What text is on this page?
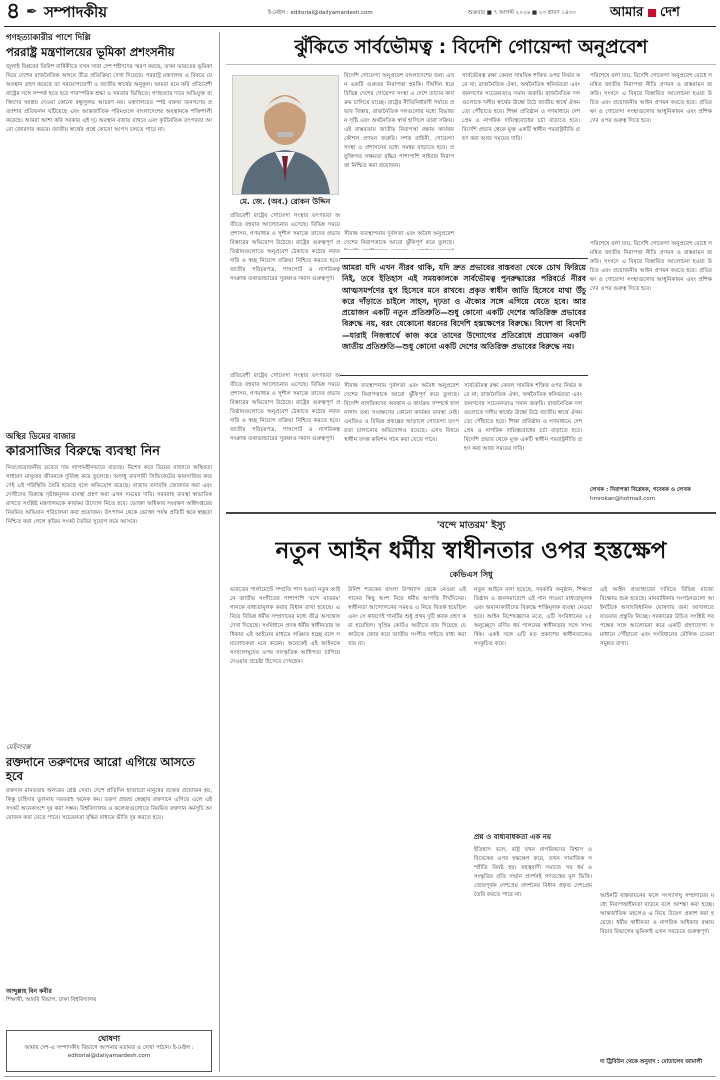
৪ ✒ সম্পাদকীয়	ই-মেইল : editorial@dailyamardesh.com	শুক্রবার ■ ৭ আগস্ট ২০২৬ ■ ২৩ শ্রাবণ ১৪৩৩	আমার দেশ
গণহত্যাকারীর পাশে দিল্লি
পররাষ্ট্র মন্ত্রণালয়ের ভূমিকা প্রশংসনীয়
জুলাই বিপ্লবের তিরিশ বার্ষিকীতে যখন সারা দেশ শহীদদের স্মরণ করছে, তখন ভারতের ভূমিকা নিয়ে দেশের রাজনৈতিক অঙ্গনে তীব্র প্রতিক্রিয়া দেখা দিয়েছে। পররাষ্ট্র মন্ত্রণালয় এ বিষয়ে যে অবস্থান গ্রহণ করেছে তা সময়োপযোগী ও জাতীয় স্বার্থের অনুকূল। আমরা মনে করি প্রতিবেশী রাষ্ট্রের সঙ্গে সম্পর্ক হতে হবে পারস্পরিক শ্রদ্ধা ও সমতার ভিত্তিতে। গণহত্যার দায়ে অভিযুক্ত ব্যক্তিদের আশ্রয় দেওয়া কোনো বন্ধুসুলভ আচরণ নয়। মন্ত্রণালয়ের স্পষ্ট বক্তব্য জনগণের প্রত্যাশার প্রতিফলন ঘটিয়েছে এবং আন্তর্জাতিক পরিমণ্ডলে বাংলাদেশের অবস্থানকে শক্তিশালী করেছে। আমরা আশা করি সরকার এই দৃঢ় অবস্থান বজায় রাখবে এবং কূটনৈতিক তৎপরতা আরো জোরদার করবে। জাতীয় স্বার্থের প্রশ্নে কোনো আপস চলতে পারে না।
অস্থির ডিমের বাজার
কারসাজির বিরুদ্ধে ব্যবস্থা নিন
নিত্যপ্রয়োজনীয় দ্রব্যের দাম লাগামহীনভাবে বাড়ছে। বিশেষ করে ডিমের বাজারে অস্থিরতা সাধারণ মানুষের জীবনকে দুর্বিষহ করে তুলেছে। অসাধু ব্যবসায়ী সিন্ডিকেটের কারসাজির কারণেই এই পরিস্থিতি তৈরি হয়েছে বলে অভিযোগ রয়েছে। বাজার তদারকি জোরদার করা এবং দোষীদের বিরুদ্ধে দৃষ্টান্তমূলক ব্যবস্থা গ্রহণ করা এখন সময়ের দাবি। সরবরাহ ব্যবস্থা স্বাভাবিক রাখতে সংশ্লিষ্ট মন্ত্রণালয়কে কার্যকর উদ্যোগ নিতে হবে। ভোক্তা অধিকার সংরক্ষণ অধিদপ্তরের নিয়মিত অভিযান পরিচালনা করা প্রয়োজন। উৎপাদন থেকে ভোক্তা পর্যন্ত প্রতিটি স্তরে স্বচ্ছতা নিশ্চিত করা গেলে কৃত্রিম সংকট তৈরির সুযোগ কমে আসবে।
মেইলবক্স
রক্তদানে তরুণদের আরো এগিয়ে আসতে হবে
রক্তদান মানবতার অন্যতম শ্রেষ্ঠ সেবা। দেশে প্রতিদিন হাজারো মানুষের রক্তের প্রয়োজন হয়, কিন্তু চাহিদার তুলনায় সরবরাহ অনেক কম। তরুণ প্রজন্ম স্বেচ্ছায় রক্তদানে এগিয়ে এলে এই সংকট অনেকাংশে দূর করা সম্ভব। বিশ্ববিদ্যালয় ও কলেজগুলোতে নিয়মিত রক্তদান কর্মসূচি আয়োজন করা যেতে পারে। সচেতনতা বৃদ্ধির মাধ্যমে ভীতি দূর করতে হবে।
আব্দুল্লাহ বিন কবীর
শিক্ষার্থী, আরবি বিভাগ, ঢাকা বিশ্ববিদ্যালয়
ঘোষণা
আমার দেশ-এ সম্পাদকীয় বিভাগে আপনার মতামত ও লেখা পাঠান। ই-মেইল : editorial@dailyamardesh.com
ঝুঁকিতে সার্বভৌমত্ব : বিদেশি গোয়েন্দা অনুপ্রবেশ
মে. জে. (অব.) রোকন উদ্দিন
বিদেশি গোয়েন্দা অনুপ্রবেশ বাংলাদেশের জন্য এখন একটি গুরুতর নিরাপত্তা হুমকি। দীর্ঘদিন ধরে বিভিন্ন দেশের গোয়েন্দা সংস্থা এ দেশে তাদের কার্যক্রম চালিয়ে যাচ্ছে। রাষ্ট্রের নীতিনির্ধারণী পর্যায়ে প্রভাব বিস্তার, রাজনৈতিক দলগুলোর মধ্যে বিভাজন সৃষ্টি এবং অর্থনৈতিক স্বার্থ হাসিলে তারা সক্রিয়। এই বাস্তবতায় জাতীয় নিরাপত্তা রক্ষায় কার্যকর কৌশল প্রণয়ন জরুরি। সশস্ত্র বাহিনী, গোয়েন্দা সংস্থা ও প্রশাসনের মধ্যে সমন্বয় বাড়াতে হবে। প্রযুক্তিগত সক্ষমতা বৃদ্ধির পাশাপাশি সাইবার নিরাপত্তা নিশ্চিত করা প্রয়োজন।
প্রতিবেশী রাষ্ট্রের গোয়েন্দা সংস্থার তৎপরতা অতীতে বহুবার আলোচনায় এসেছে। বিভিন্ন সময়ে প্রশাসন, গণমাধ্যম ও সুশীল সমাজে তাদের প্রভাব বিস্তারের অভিযোগ উঠেছে। রাষ্ট্রের গুরুত্বপূর্ণ প্রতিষ্ঠানগুলোতে অনুপ্রবেশ ঠেকাতে কঠোর নজরদারি ও স্বচ্ছ নিয়োগ প্রক্রিয়া নিশ্চিত করতে হবে। জাতীয় পরিচয়পত্র, পাসপোর্ট ও নাগরিকত্ব সংক্রান্ত তথ্যভান্ডারের সুরক্ষাও সমান গুরুত্বপূর্ণ।
সীমান্ত ব্যবস্থাপনায় দুর্বলতা এবং অবৈধ অনুপ্রবেশ দেশের নিরাপত্তাকে আরো ঝুঁকিপূর্ণ করে তুলছে।
সার্বভৌমত্ব রক্ষা কেবল সামরিক শক্তির ওপর নির্ভর করে না; রাজনৈতিক ঐক্য, অর্থনৈতিক স্বনির্ভরতা এবং জনগণের সচেতনতাও সমান জরুরি। রাজনৈতিক দলগুলোকে দলীয় স্বার্থের ঊর্ধ্বে উঠে জাতীয় স্বার্থে ঐকমত্যে পৌঁছাতে হবে। শিক্ষা প্রতিষ্ঠান ও গণমাধ্যমে দেশপ্রেম ও নাগরিক দায়িত্ববোধের চর্চা বাড়াতে হবে। বিদেশি প্রভাব থেকে মুক্ত একটি স্বাধীন পররাষ্ট্রনীতি গ্রহণ করা আজ সময়ের দাবি।
পরিশেষে বলা যায়, বিদেশি গোয়েন্দা অনুপ্রবেশ রোধে সমন্বিত জাতীয় নিরাপত্তা নীতি প্রণয়ন ও বাস্তবায়ন জরুরি। সংসদে এ বিষয়ে বিস্তারিত আলোচনা হওয়া উচিত এবং প্রয়োজনীয় আইন প্রণয়ন করতে হবে। প্রতিরক্ষা ও গোয়েন্দা সংস্থাগুলোর আধুনিকায়ন এবং প্রশিক্ষণের ওপর গুরুত্ব দিতে হবে।
আমরা যদি এখন নীরব থাকি, যদি দ্রুত প্রভাবের বাস্তবতা থেকে চোখ ফিরিয়ে নিই, তবে ইতিহাস এই সময়কালকে সার্বভৌমত্ব পুনরুদ্ধারের পরিবর্তে নীরব আত্মসমর্পণের যুগ হিসেবে মনে রাখবে। প্রকৃত স্বাধীন জাতি হিসেবে মাথা উঁচু করে দাঁড়াতে চাইলে সাহস, দৃঢ়তা ও ঐক্যের সঙ্গে এগিয়ে যেতে হবে। আর প্রয়োজন একটি নতুন প্রতিশ্রুতি—শুধু কোনো একটি দেশের অতিরিক্ত প্রভাবের বিরুদ্ধে নয়, বরং যেকোনো ধরনের বিদেশি হস্তক্ষেপের বিরুদ্ধে। বিদেশ বা বিদেশি—যারাই নিজস্বার্থে কাজ করে তাদের উদ্যোগের প্রতিরোধে প্রয়োজন একটি জাতীয় প্রতিশ্রুতি—শুধু কোনো একটি দেশের অতিরিক্ত প্রভাবের বিরুদ্ধে নয়।
প্রতিবেশী রাষ্ট্রের গোয়েন্দা সংস্থার তৎপরতা অতীতে বহুবার আলোচনায় এসেছে। বিভিন্ন সময়ে প্রশাসন, গণমাধ্যম ও সুশীল সমাজে তাদের প্রভাব বিস্তারের অভিযোগ উঠেছে। রাষ্ট্রের গুরুত্বপূর্ণ প্রতিষ্ঠানগুলোতে অনুপ্রবেশ ঠেকাতে কঠোর নজরদারি ও স্বচ্ছ নিয়োগ প্রক্রিয়া নিশ্চিত করতে হবে। জাতীয় পরিচয়পত্র, পাসপোর্ট ও নাগরিকত্ব সংক্রান্ত তথ্যভান্ডারের সুরক্ষাও সমান গুরুত্বপূর্ণ।
সীমান্ত ব্যবস্থাপনায় দুর্বলতা এবং অবৈধ অনুপ্রবেশ দেশের নিরাপত্তাকে আরো ঝুঁকিপূর্ণ করে তুলছে। বিদেশি নাগরিকদের অবস্থান ও কার্যক্রম সম্পর্কে হালনাগাদ তথ্য সংরক্ষণের কোনো কার্যকর ব্যবস্থা নেই। এনজিও ও বিভিন্ন প্রকল্পের আড়ালে গোয়েন্দা তৎপরতা চালানোর অভিযোগও রয়েছে। এসব বিষয়ে স্বাধীন তদন্ত কমিশন গঠন করা যেতে পারে।
সার্বভৌমত্ব রক্ষা কেবল সামরিক শক্তির ওপর নির্ভর করে না; রাজনৈতিক ঐক্য, অর্থনৈতিক স্বনির্ভরতা এবং জনগণের সচেতনতাও সমান জরুরি। রাজনৈতিক দলগুলোকে দলীয় স্বার্থের ঊর্ধ্বে উঠে জাতীয় স্বার্থে ঐকমত্যে পৌঁছাতে হবে। শিক্ষা প্রতিষ্ঠান ও গণমাধ্যমে দেশপ্রেম ও নাগরিক দায়িত্ববোধের চর্চা বাড়াতে হবে। বিদেশি প্রভাব থেকে মুক্ত একটি স্বাধীন পররাষ্ট্রনীতি গ্রহণ করা আজ সময়ের দাবি।
পরিশেষে বলা যায়, বিদেশি গোয়েন্দা অনুপ্রবেশ রোধে সমন্বিত জাতীয় নিরাপত্তা নীতি প্রণয়ন ও বাস্তবায়ন জরুরি। সংসদে এ বিষয়ে বিস্তারিত আলোচনা হওয়া উচিত এবং প্রয়োজনীয় আইন প্রণয়ন করতে হবে। প্রতিরক্ষা ও গোয়েন্দা সংস্থাগুলোর আধুনিকায়ন এবং প্রশিক্ষণের ওপর গুরুত্ব দিতে হবে।
লেখক : নিরাপত্তা বিশ্লেষক, গবেষক ও লেখক
hmrokan@hotmail.com
'বন্দে মাতরম' ইস্যু
নতুন আইন ধর্মীয় স্বাধীনতার ওপর হস্তক্ষেপ
কেভিএস সিধু
ভারতের পার্লামেন্টে সম্প্রতি পাস হওয়া নতুন আইনে জাতীয় সংগীতের পাশাপাশি 'বন্দে মাতরম' গানকে বাধ্যতামূলক করার বিধান রাখা হয়েছে। এ নিয়ে বিভিন্ন ধর্মীয় সম্প্রদায়ের মধ্যে তীব্র অসন্তোষ দেখা দিয়েছে। সংবিধানে প্রদত্ত ধর্মীয় স্বাধীনতার অধিকার এই আইনের মাধ্যমে লঙ্ঘিত হচ্ছে বলে সমালোচকরা মনে করেন। অনেকেই এই আইনকে সংখ্যালঘুদের ওপর সাংস্কৃতিক আধিপত্য চাপিয়ে দেওয়ার প্রচেষ্টা হিসেবে দেখছেন।
উনিশ শতকের বাংলা উপন্যাস থেকে নেওয়া এই গানের কিছু অংশ নিয়ে ধর্মীয় আপত্তি দীর্ঘদিনের। স্বাধীনতা আন্দোলনের সময়ও এ নিয়ে বিতর্ক হয়েছিল এবং সে কারণেই গানটির শুধু প্রথম দুটি স্তবক গ্রহণ করা হয়েছিল। সুপ্রিম কোর্টও অতীতে রায় দিয়েছে যে কাউকে জোর করে জাতীয় সংগীত গাইতে বাধ্য করা যায় না।
নতুন আইনে বলা হয়েছে, সরকারি অনুষ্ঠান, শিক্ষাপ্রতিষ্ঠান ও জনসমাবেশে এই গান গাওয়া বাধ্যতামূলক এবং অমান্যকারীদের বিরুদ্ধে শাস্তিমূলক ব্যবস্থা নেওয়া হবে। আইন বিশেষজ্ঞদের মতে, এটি সংবিধানের ২৫ অনুচ্ছেদে বর্ণিত ধর্ম পালনের স্বাধীনতার সঙ্গে সাংঘর্ষিক। একই সঙ্গে এটি মত প্রকাশের স্বাধীনতাকেও সংকুচিত করে।
প্রশ্ন ও বাধ্যবাধকতা এক নয়
ইতিহাস বলে, রাষ্ট্র যখন নাগরিকদের বিশ্বাস ও বিবেকের ওপর হস্তক্ষেপ করে, তখন সামাজিক সম্প্রীতি বিনষ্ট হয়। বহুত্ববাদী সমাজে সব ধর্ম ও সংস্কৃতির প্রতি সম্মান প্রদর্শনই গণতন্ত্রের মূল ভিত্তি। জোরপূর্বক দেশপ্রেম প্রদর্শনের বিধান প্রকৃত দেশপ্রেম তৈরি করতে পারে না।
এই আইন প্রত্যাহারের দাবিতে বিভিন্ন রাজ্যে বিক্ষোভ শুরু হয়েছে। মানবাধিকার সংগঠনগুলো আইনটিকে অসাংবিধানিক ঘোষণার জন্য আদালতে যাওয়ার প্রস্তুতি নিচ্ছে। সরকারের উচিত সংশ্লিষ্ট সব পক্ষের সঙ্গে আলোচনা করে একটি গ্রহণযোগ্য সমাধানে পৌঁছানো এবং সংবিধানের মৌলিক চেতনা সমুন্নত রাখা।
আইনটি বাস্তবায়নের ফলে সংখ্যালঘু সম্প্রদায়ের মধ্যে নিরাপত্তাহীনতা বাড়বে বলে আশঙ্কা করা হচ্ছে। আন্তর্জাতিক মহলেও এ নিয়ে উদ্বেগ প্রকাশ করা হয়েছে। ধর্মীয় স্বাধীনতা ও নাগরিক অধিকার রক্ষায় বিচার বিভাগের ভূমিকাই এখন সবচেয়ে গুরুত্বপূর্ণ।
দ্য ট্রিবিউন থেকে অনুবাদ : মোতালেব জামালী
